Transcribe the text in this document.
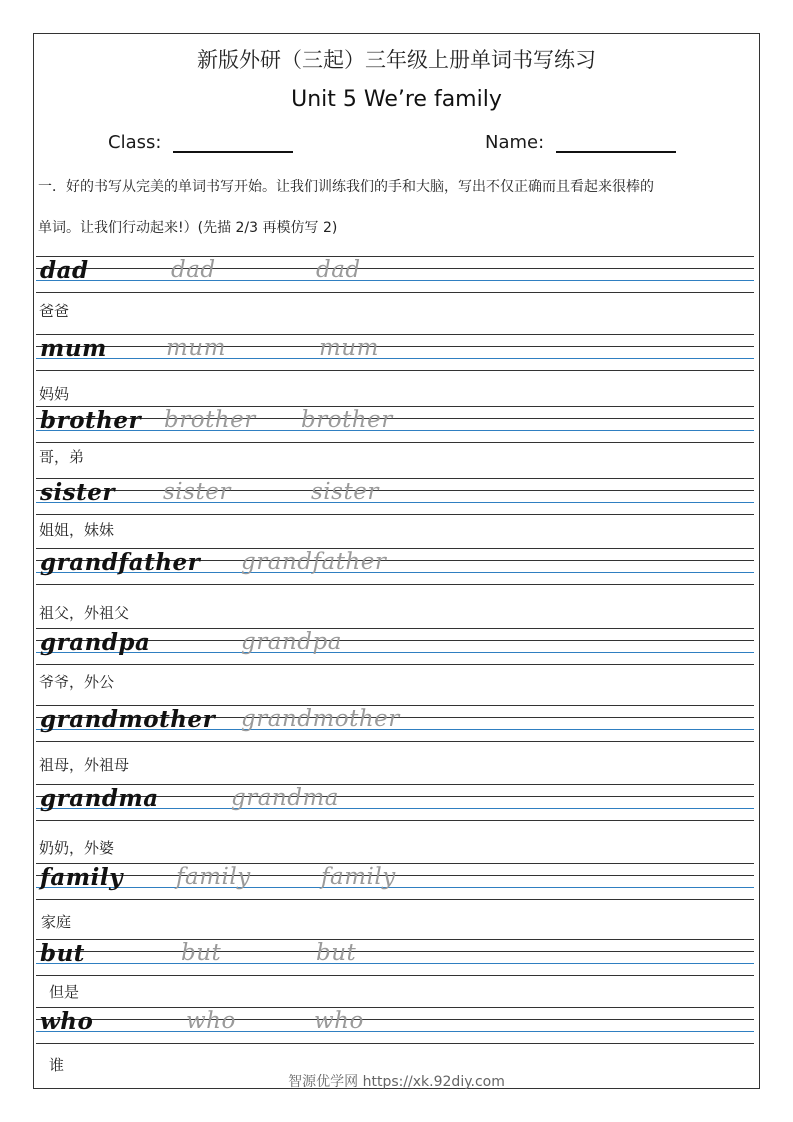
新版外研（三起）三年级上册单词书写练习
Unit 5 We’re family
Class:	Name:
一．好的书写从完美的单词书写开始。让我们训练我们的手和大脑，写出不仅正确而且看起来很棒的
单词。让我们行动起来!）(先描 2/3 再模仿写 2)
dad	dad	dad
爸爸
mum	mum	mum
妈妈
brother brother brother
哥，弟
sister sister	sister
姐姐，妹妹
grandfather grandfather
祖父，外祖父
grandpa	grandpa
爷爷，外公
grandmother grandmother
祖母，外祖母
grandma	grandma
奶奶，外婆
family family	family
家庭
but	but	but
但是
who	who	who
谁
智源优学网 https://xk.92diy.com
